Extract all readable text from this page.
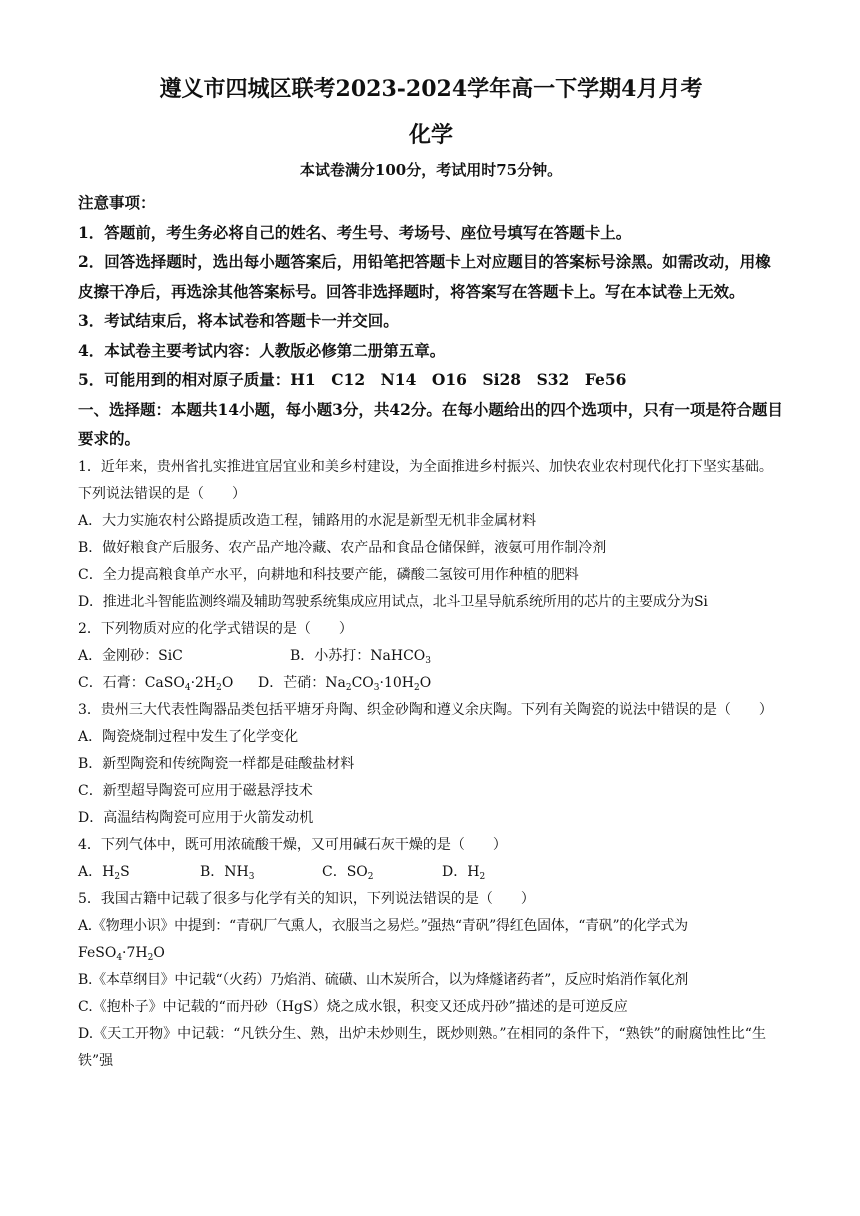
遵义市四城区联考2023-2024学年高一下学期4月月考

化学

本试卷满分100分，考试用时75分钟。

注意事项：

1．答题前，考生务必将自己的姓名、考生号、考场号、座位号填写在答题卡上。

2．回答选择题时，选出每小题答案后，用铅笔把答题卡上对应题目的答案标号涂黑。如需改动，用橡皮擦干净后，再选涂其他答案标号。回答非选择题时，将答案写在答题卡上。写在本试卷上无效。

3．考试结束后，将本试卷和答题卡一并交回。

4．本试卷主要考试内容：人教版必修第二册第五章。

5．可能用到的相对原子质量：H1　C12　N14　O16　Si28　S32　Fe56

一、选择题：本题共14小题，每小题3分，共42分。在每小题给出的四个选项中，只有一项是符合题目要求的。

1．近年来，贵州省扎实推进宜居宜业和美乡村建设，为全面推进乡村振兴、加快农业农村现代化打下坚实基础。下列说法错误的是（　　）

A．大力实施农村公路提质改造工程，铺路用的水泥是新型无机非金属材料

B．做好粮食产后服务、农产品产地冷藏、农产品和食品仓储保鲜，液氨可用作制冷剂

C．全力提高粮食单产水平，向耕地和科技要产能，磷酸二氢铵可用作种植的肥料

D．推进北斗智能监测终端及辅助驾驶系统集成应用试点，北斗卫星导航系统所用的芯片的主要成分为Si

2．下列物质对应的化学式错误的是（　　）

A．金刚砂：SiC	B．小苏打：NaHCO$_3$
C．石膏：$CaSO_4\cdot 2H_2O$	D．芒硝：$Na_2CO_3\cdot 10H_2O$

3．贵州三大代表性陶器品类包括平塘牙舟陶、织金砂陶和遵义余庆陶。下列有关陶瓷的说法中错误的是（　　）

A．陶瓷烧制过程中发生了化学变化

B．新型陶瓷和传统陶瓷一样都是硅酸盐材料

C．新型超导陶瓷可应用于磁悬浮技术

D．高温结构陶瓷可应用于火箭发动机

4．下列气体中，既可用浓硫酸干燥，又可用碱石灰干燥的是（　　）

A．$H_2S$	B．$NH_3$	C．$SO_2$	D．$H_2$

5．我国古籍中记载了很多与化学有关的知识，下列说法错误的是（　　）

A.《物理小识》中提到：“青矾厂气熏人，衣服当之易烂。”强热“青矾”得红色固体，“青矾”的化学式为

$FeSO_4\cdot 7H_2O$

B.《本草纲目》中记载“（火药）乃焰消、硫磺、山木炭所合，以为烽燧诸药者”，反应时焰消作氧化剂

C.《抱朴子》中记载的“而丹砂（HgS）烧之成水银，积变又还成丹砂”描述的是可逆反应

D.《天工开物》中记载：“凡铁分生、熟，出炉未炒则生，既炒则熟。”在相同的条件下，“熟铁”的耐腐蚀性比“生铁”强
